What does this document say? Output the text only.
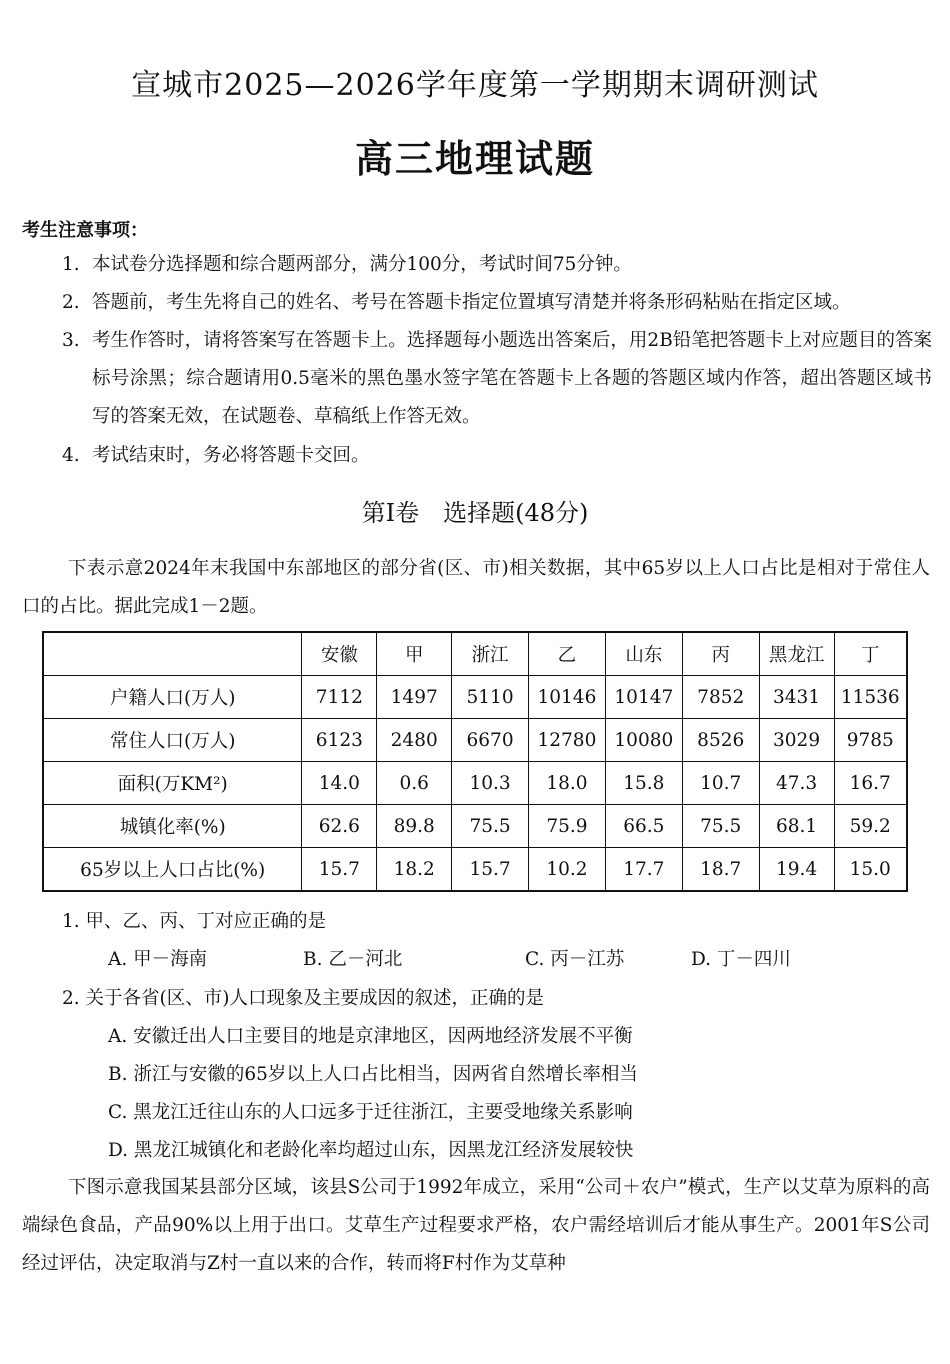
宣城市2025—2026学年度第一学期期末调研测试
高三地理试题
考生注意事项：
1. 本试卷分选择题和综合题两部分，满分100分，考试时间75分钟。
2. 答题前，考生先将自己的姓名、考号在答题卡指定位置填写清楚并将条形码粘贴在指定区域。
3. 考生作答时，请将答案写在答题卡上。选择题每小题选出答案后，用2B铅笔把答题卡上对应题目的答案标号涂黑；综合题请用0.5毫米的黑色墨水签字笔在答题卡上各题的答题区域内作答，超出答题区域书写的答案无效，在试题卷、草稿纸上作答无效。
4. 考试结束时，务必将答题卡交回。
第Ⅰ卷　选择题(48分)
下表示意2024年末我国中东部地区的部分省(区、市)相关数据，其中65岁以上人口占比是相对于常住人口的占比。据此完成1－2题。
	安徽	甲	浙江	乙	山东	丙	黑龙江	丁
户籍人口(万人)	7112	1497	5110	10146	10147	7852	3431	11536
常住人口(万人)	6123	2480	6670	12780	10080	8526	3029	9785
面积(万KM²)	14.0	0.6	10.3	18.0	15.8	10.7	47.3	16.7
城镇化率(%)	62.6	89.8	75.5	75.9	66.5	75.5	68.1	59.2
65岁以上人口占比(%)	15.7	18.2	15.7	10.2	17.7	18.7	19.4	15.0
1. 甲、乙、丙、丁对应正确的是
A. 甲－海南	B. 乙－河北	C. 丙－江苏	D. 丁－四川
2. 关于各省(区、市)人口现象及主要成因的叙述，正确的是
A. 安徽迁出人口主要目的地是京津地区，因两地经济发展不平衡
B. 浙江与安徽的65岁以上人口占比相当，因两省自然增长率相当
C. 黑龙江迁往山东的人口远多于迁往浙江，主要受地缘关系影响
D. 黑龙江城镇化和老龄化率均超过山东，因黑龙江经济发展较快
下图示意我国某县部分区域，该县S公司于1992年成立，采用“公司＋农户”模式，生产以艾草为原料的高端绿色食品，产品90%以上用于出口。艾草生产过程要求严格，农户需经培训后才能从事生产。2001年S公司经过评估，决定取消与Z村一直以来的合作，转而将F村作为艾草种
